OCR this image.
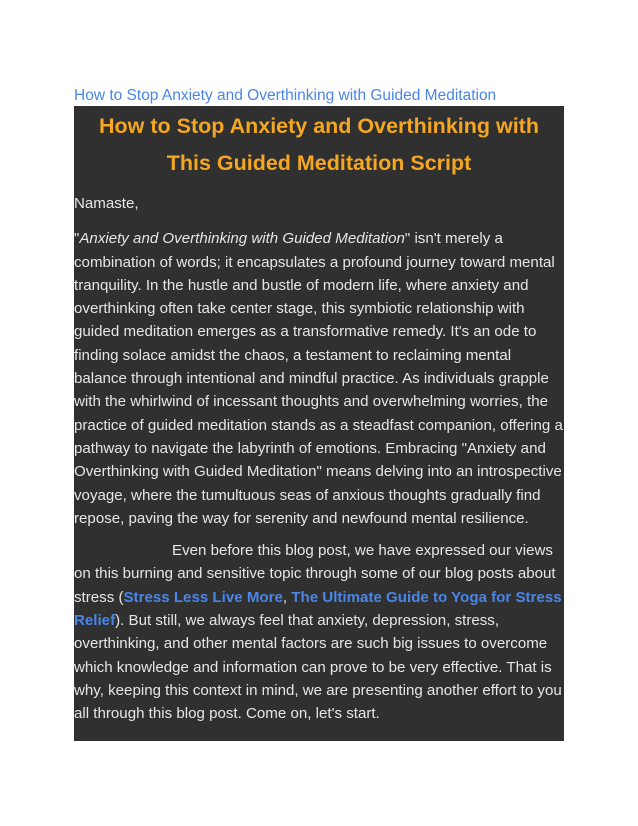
How to Stop Anxiety and Overthinking with Guided Meditation
How to Stop Anxiety and Overthinking with
This Guided Meditation Script

Namaste,

"Anxiety and Overthinking with Guided Meditation" isn't merely a combination of words; it encapsulates a profound journey toward mental tranquility. In the hustle and bustle of modern life, where anxiety and overthinking often take center stage, this symbiotic relationship with guided meditation emerges as a transformative remedy. It's an ode to finding solace amidst the chaos, a testament to reclaiming mental balance through intentional and mindful practice. As individuals grapple with the whirlwind of incessant thoughts and overwhelming worries, the practice of guided meditation stands as a steadfast companion, offering a pathway to navigate the labyrinth of emotions. Embracing "Anxiety and Overthinking with Guided Meditation" means delving into an introspective voyage, where the tumultuous seas of anxious thoughts gradually find repose, paving the way for serenity and newfound mental resilience.

Even before this blog post, we have expressed our views on this burning and sensitive topic through some of our blog posts about stress (Stress Less Live More, The Ultimate Guide to Yoga for Stress Relief). But still, we always feel that anxiety, depression, stress, overthinking, and other mental factors are such big issues to overcome which knowledge and information can prove to be very effective. That is why, keeping this context in mind, we are presenting another effort to you all through this blog post. Come on, let's start.
